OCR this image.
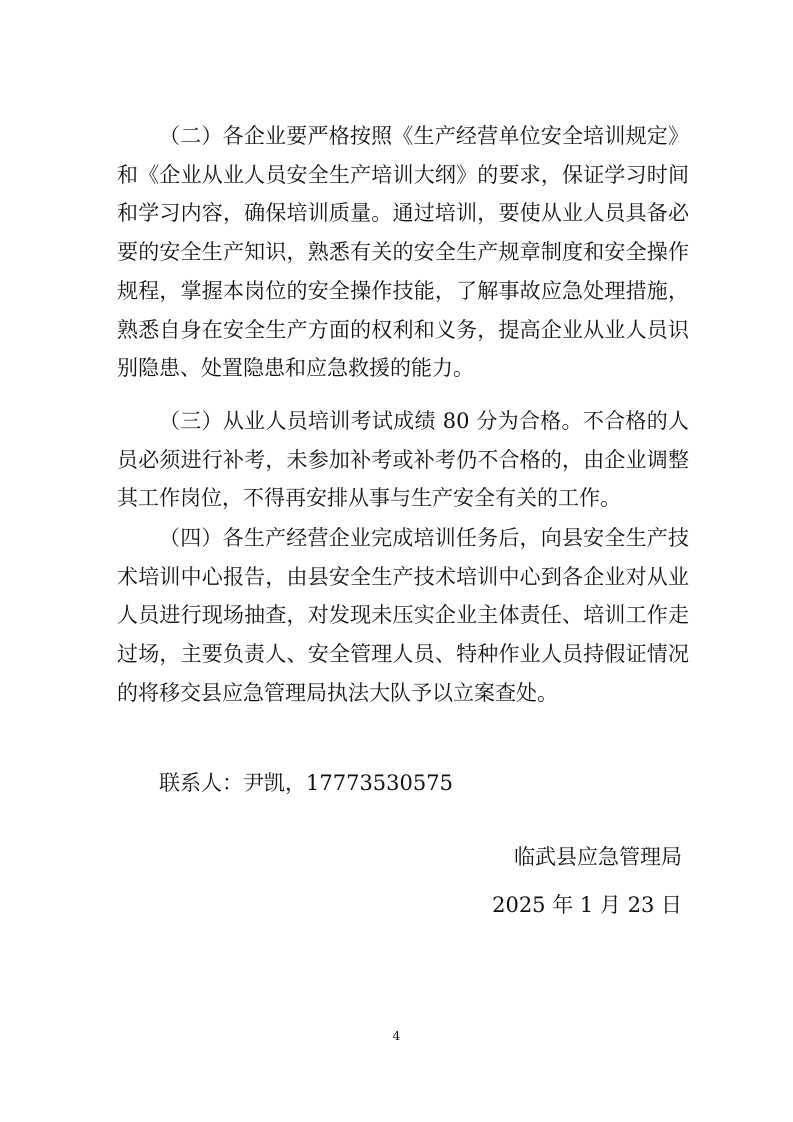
（二）各企业要严格按照《生产经营单位安全培训规定》和《企业从业人员安全生产培训大纲》的要求，保证学习时间和学习内容，确保培训质量。通过培训，要使从业人员具备必要的安全生产知识，熟悉有关的安全生产规章制度和安全操作规程，掌握本岗位的安全操作技能，了解事故应急处理措施，熟悉自身在安全生产方面的权利和义务，提高企业从业人员识别隐患、处置隐患和应急救援的能力。

（三）从业人员培训考试成绩 80 分为合格。不合格的人员必须进行补考，未参加补考或补考仍不合格的，由企业调整其工作岗位，不得再安排从事与生产安全有关的工作。

（四）各生产经营企业完成培训任务后，向县安全生产技术培训中心报告，由县安全生产技术培训中心到各企业对从业人员进行现场抽查，对发现未压实企业主体责任、培训工作走过场，主要负责人、安全管理人员、特种作业人员持假证情况的将移交县应急管理局执法大队予以立案查处。

联系人：尹凯，17773530575
临武县应急管理局
2025 年 1 月 23 日
4
